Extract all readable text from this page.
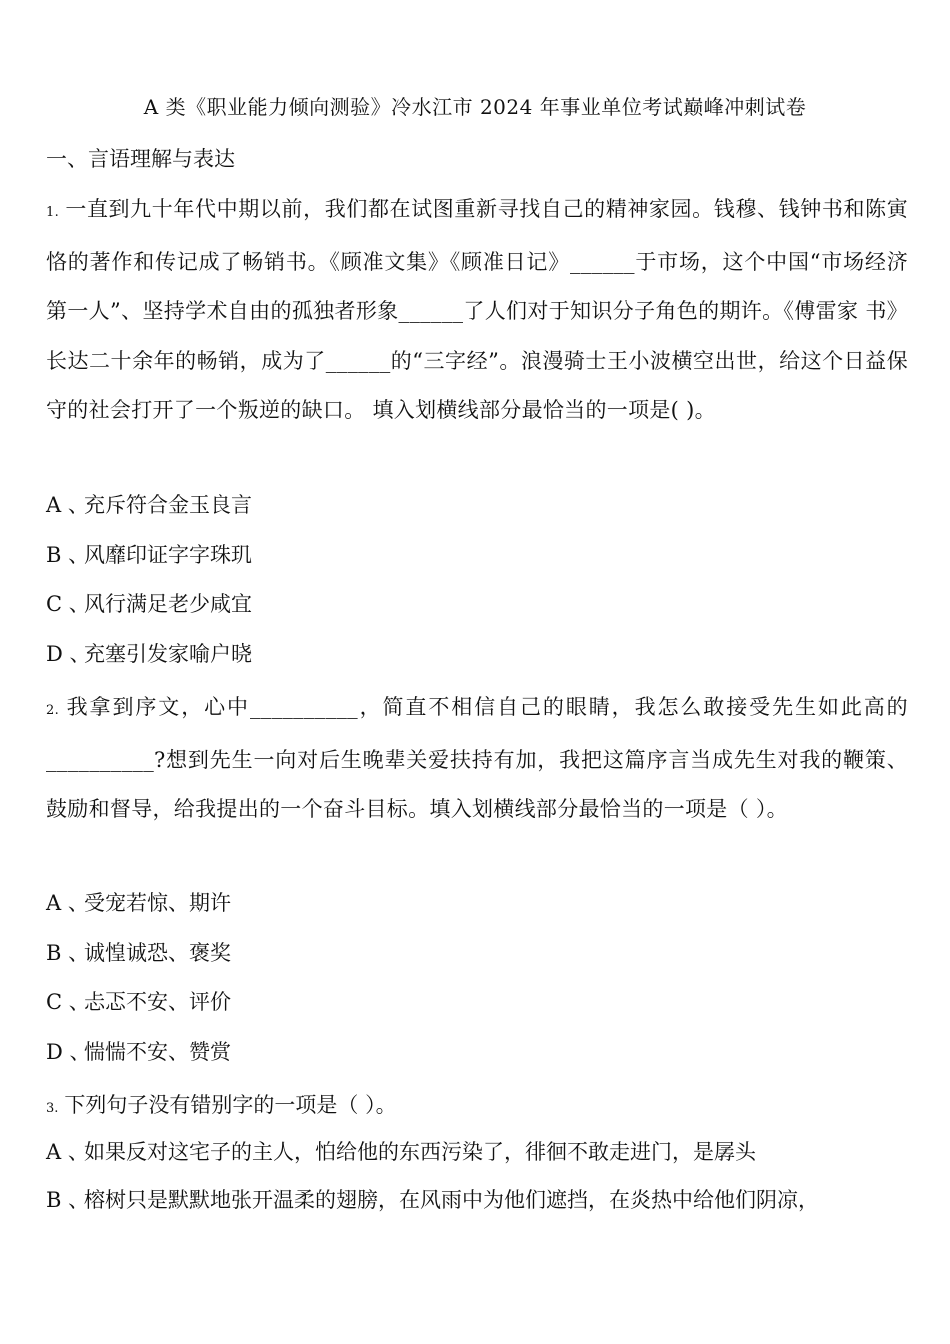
A 类《职业能力倾向测验》冷水江市 2024 年事业单位考试巅峰冲刺试卷
一、言语理解与表达
1. 一直到九十年代中期以前，我们都在试图重新寻找自己的精神家园。钱穆、钱钟书和陈寅恪的著作和传记成了畅销书。《顾准文集》《顾准日记》______于市场，这个中国“市场经济第一人”、坚持学术自由的孤独者形象______了人们对于知识分子角色的期许。《傅雷家 书》长达二十余年的畅销，成为了______的“三字经”。浪漫骑士王小波横空出世，给这个日益保守的社会打开了一个叛逆的缺口。 填入划横线部分最恰当的一项是( )。
A 、充斥符合金玉良言
B 、风靡印证字字珠玑
C 、风行满足老少咸宜
D 、充塞引发家喻户晓
2. 我拿到序文，心中__________，简直不相信自己的眼睛，我怎么敢接受先生如此高的__________?想到先生一向对后生晚辈关爱扶持有加，我把这篇序言当成先生对我的鞭策、鼓励和督导，给我提出的一个奋斗目标。填入划横线部分最恰当的一项是（ ）。
A 、受宠若惊、期许
B 、诚惶诚恐、褒奖
C 、忐忑不安、评价
D 、惴惴不安、赞赏
3. 下列句子没有错别字的一项是（ ）。
A 、如果反对这宅子的主人，怕给他的东西污染了，徘徊不敢走进门，是孱头
B 、榕树只是默默地张开温柔的翅膀，在风雨中为他们遮挡，在炎热中给他们阴凉，
